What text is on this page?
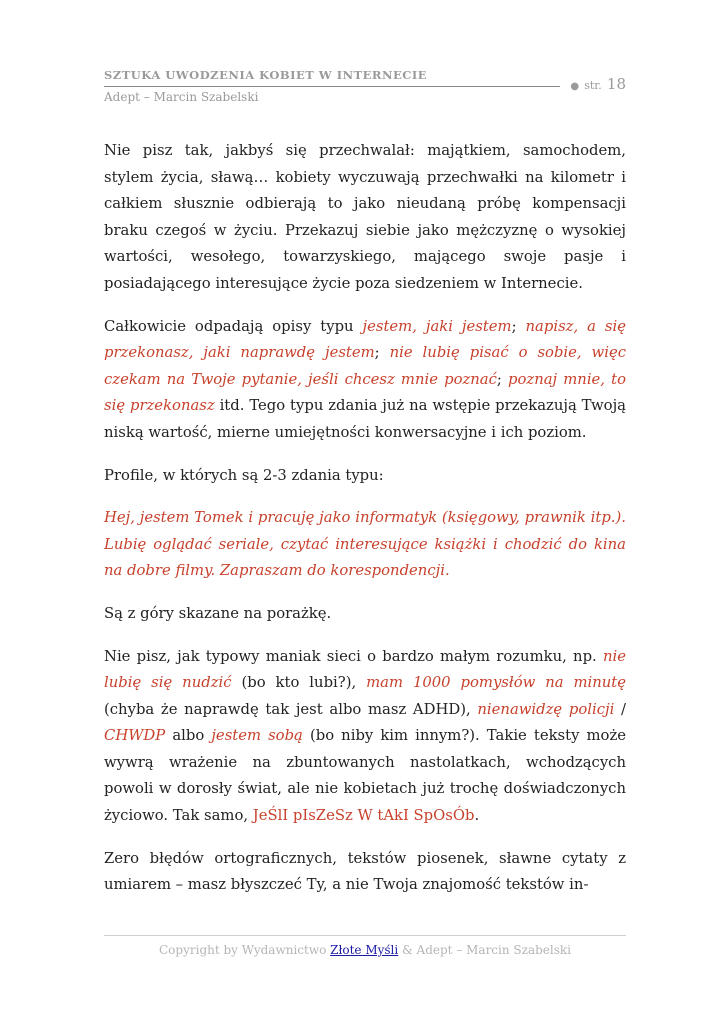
SZTUKA UWODZENIA KOBIET W INTERNECIE
● str. 18
Adept – Marcin Szabelski

Nie pisz tak, jakbyś się przechwalał: majątkiem, samochodem, stylem życia, sławą… kobiety wyczuwają przechwałki na kilometr i całkiem słusznie odbierają to jako nieudaną próbę kompensacji braku czegoś w życiu. Przekazuj siebie jako mężczyznę o wysokiej wartości, wesołego, towarzyskiego, mającego swoje pasje i posiadającego interesujące życie poza siedzeniem w Internecie.

Całkowicie odpadają opisy typu jestem, jaki jestem; napisz, a się przekonasz, jaki naprawdę jestem; nie lubię pisać o sobie, więc czekam na Twoje pytanie, jeśli chcesz mnie poznać; poznaj mnie, to się przekonasz itd. Tego typu zdania już na wstępie przekazują Twoją niską wartość, mierne umiejętności konwersacyjne i ich poziom.

Profile, w których są 2-3 zdania typu:

Hej, jestem Tomek i pracuję jako informatyk (księgowy, prawnik itp.). Lubię oglądać seriale, czytać interesujące książki i chodzić do kina na dobre filmy. Zapraszam do korespondencji.

Są z góry skazane na porażkę.

Nie pisz, jak typowy maniak sieci o bardzo małym rozumku, np. nie lubię się nudzić (bo kto lubi?), mam 1000 pomysłów na minutę (chyba że naprawdę tak jest albo masz ADHD), nienawidzę policji / CHWDP albo jestem sobą (bo niby kim innym?). Takie teksty może wywrą wrażenie na zbuntowanych nastolatkach, wchodzących powoli w dorosły świat, ale nie kobietach już trochę doświadczonych życiowo. Tak samo, JeŚlI pIsZeSz W tAkI SpOsÓb.

Zero błędów ortograficznych, tekstów piosenek, sławne cytaty z umiarem – masz błyszczeć Ty, a nie Twoja znajomość tekstów in-

Copyright by Wydawnictwo Złote Myśli & Adept – Marcin Szabelski
